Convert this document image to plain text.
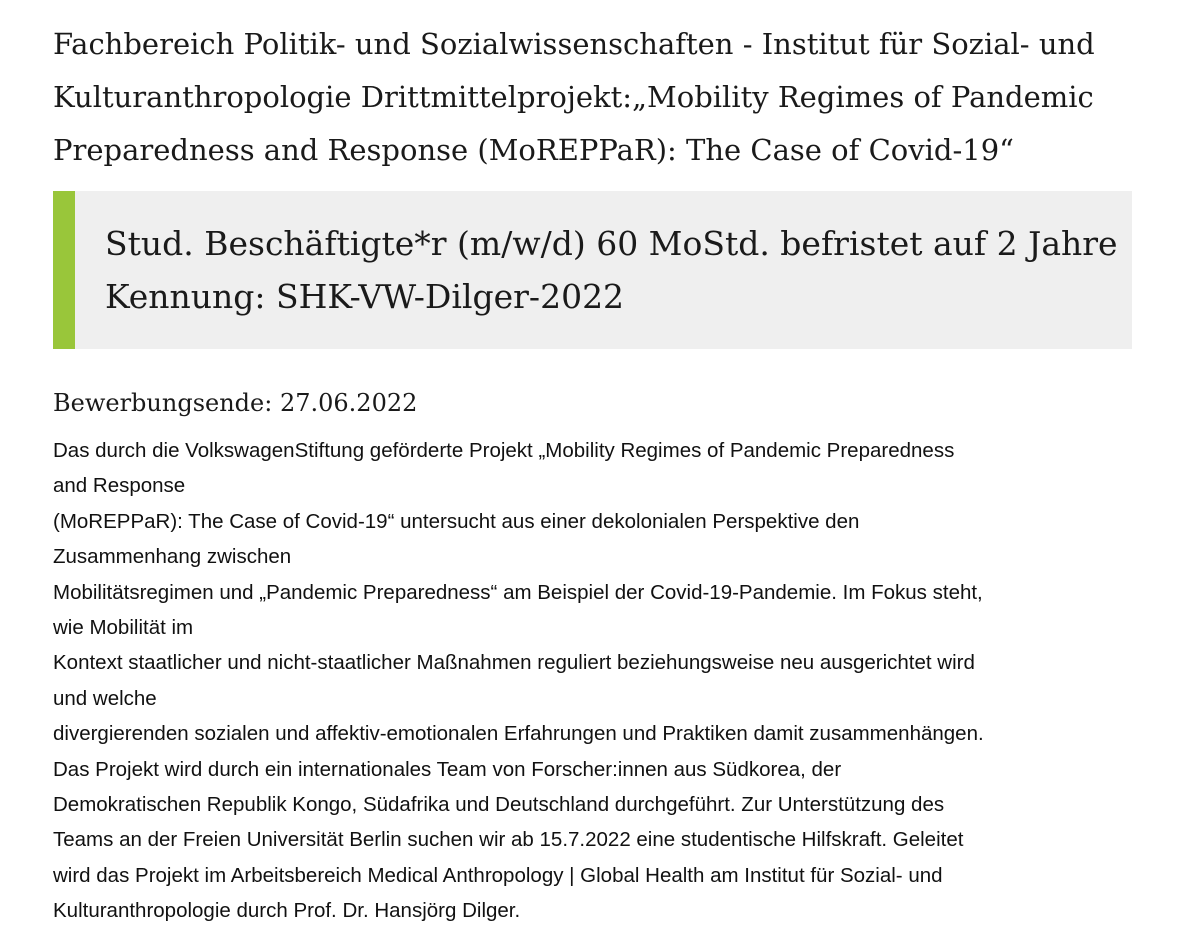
Fachbereich Politik- und Sozialwissenschaften - Institut für Sozial- und
Kulturanthropologie Drittmittelprojekt:„Mobility Regimes of Pandemic
Preparedness and Response (MoREPPaR): The Case of Covid-19“
Stud. Beschäftigte*r (m/w/d) 60 MoStd. befristet auf 2 Jahre
Kennung: SHK-VW-Dilger-2022
Bewerbungsende: 27.06.2022
Das durch die VolkswagenStiftung geförderte Projekt „Mobility Regimes of Pandemic Preparedness
and Response
(MoREPPaR): The Case of Covid-19“ untersucht aus einer dekolonialen Perspektive den
Zusammenhang zwischen
Mobilitätsregimen und „Pandemic Preparedness“ am Beispiel der Covid-19-Pandemie. Im Fokus steht,
wie Mobilität im
Kontext staatlicher und nicht-staatlicher Maßnahmen reguliert beziehungsweise neu ausgerichtet wird
und welche
divergierenden sozialen und affektiv-emotionalen Erfahrungen und Praktiken damit zusammenhängen.
Das Projekt wird durch ein internationales Team von Forscher:innen aus Südkorea, der
Demokratischen Republik Kongo, Südafrika und Deutschland durchgeführt. Zur Unterstützung des
Teams an der Freien Universität Berlin suchen wir ab 15.7.2022 eine studentische Hilfskraft. Geleitet
wird das Projekt im Arbeitsbereich Medical Anthropology | Global Health am Institut für Sozial- und
Kulturanthropologie durch Prof. Dr. Hansjörg Dilger.
